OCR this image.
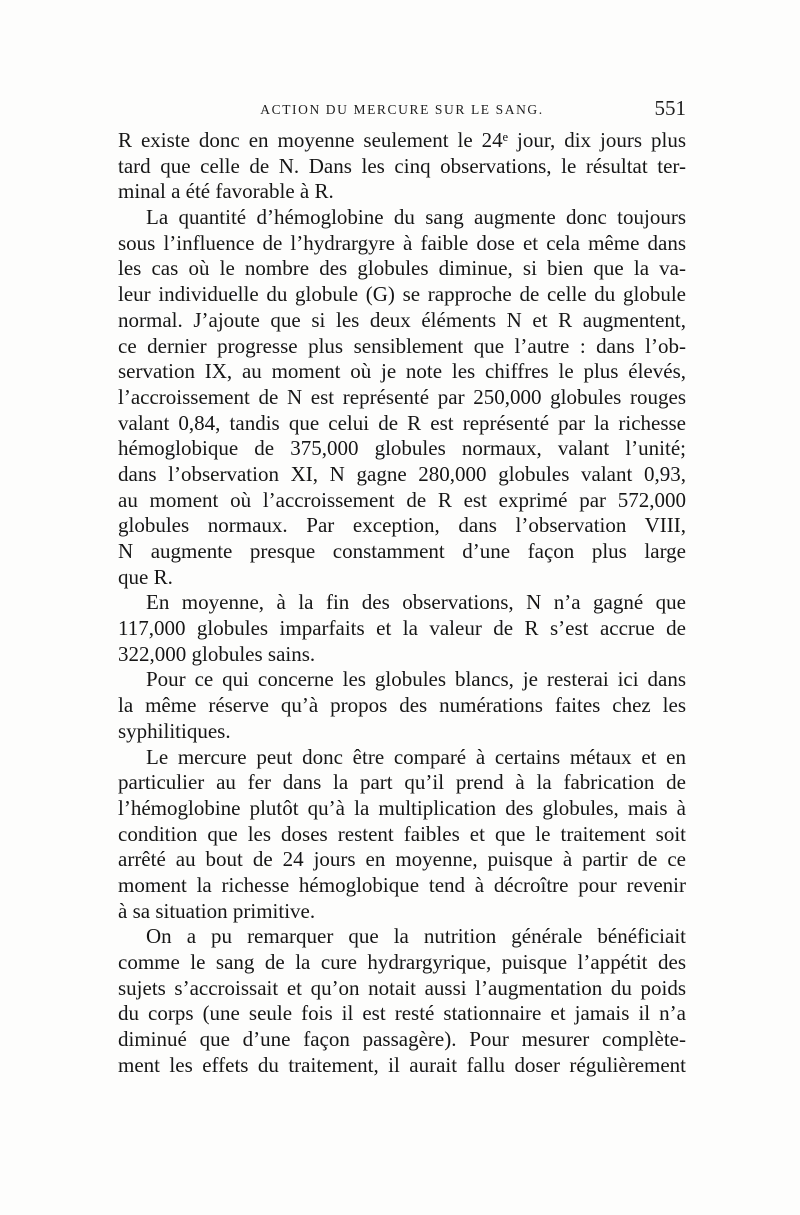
ACTION DU MERCURE SUR LE SANG.	551
R existe donc en moyenne seulement le 24ᵉ jour, dix jours plus
tard que celle de N. Dans les cinq observations, le résultat ter-
minal a été favorable à R.
La quantité d’hémoglobine du sang augmente donc toujours
sous l’influence de l’hydrargyre à faible dose et cela même dans
les cas où le nombre des globules diminue, si bien que la va-
leur individuelle du globule (G) se rapproche de celle du globule
normal. J’ajoute que si les deux éléments N et R augmentent,
ce dernier progresse plus sensiblement que l’autre : dans l’ob-
servation IX, au moment où je note les chiffres le plus élevés,
l’accroissement de N est représenté par 250,000 globules rouges
valant 0,84, tandis que celui de R est représenté par la richesse
hémoglobique de 375,000 globules normaux, valant l’unité;
dans l’observation XI, N gagne 280,000 globules valant 0,93,
au moment où l’accroissement de R est exprimé par 572,000
globules normaux. Par exception, dans l’observation VIII,
N augmente presque constamment d’une façon plus large
que R.
En moyenne, à la fin des observations, N n’a gagné que
117,000 globules imparfaits et la valeur de R s’est accrue de
322,000 globules sains.
Pour ce qui concerne les globules blancs, je resterai ici dans
la même réserve qu’à propos des numérations faites chez les
syphilitiques.
Le mercure peut donc être comparé à certains métaux et en
particulier au fer dans la part qu’il prend à la fabrication de
l’hémoglobine plutôt qu’à la multiplication des globules, mais à
condition que les doses restent faibles et que le traitement soit
arrêté au bout de 24 jours en moyenne, puisque à partir de ce
moment la richesse hémoglobique tend à décroître pour revenir
à sa situation primitive.
On a pu remarquer que la nutrition générale bénéficiait
comme le sang de la cure hydrargyrique, puisque l’appétit des
sujets s’accroissait et qu’on notait aussi l’augmentation du poids
du corps (une seule fois il est resté stationnaire et jamais il n’a
diminué que d’une façon passagère). Pour mesurer complète-
ment les effets du traitement, il aurait fallu doser régulièrement
